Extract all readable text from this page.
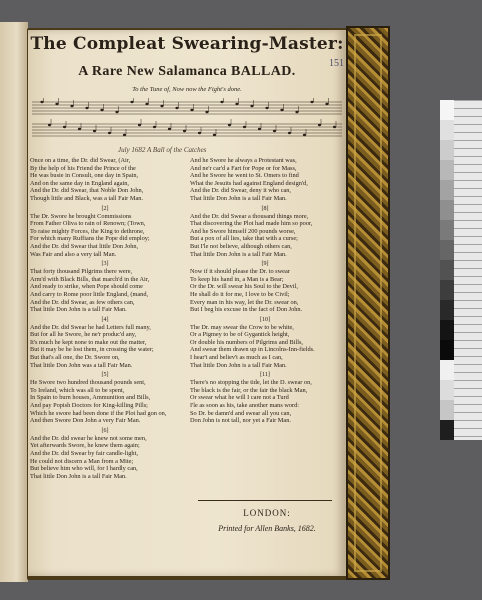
The Compleat Swearing-Master:
151
A Rare New Salamanca BALLAD.
To the Tune of, Now now the Fight's done.
July 1682 A Ball of the Catches
Once on a time, the Dr. did Swear, (Air,
By the help of his Friend the Prince of the
He was busie in Consult, one day in Spain,
And on the same day in England again,
And the Dr. did Swear, that Noble Don John,
Though little and Black, was a tall Fair Man.
[2]
The Dr. Swore he brought Commissions
From Father Oliva to rain of Renown; (Town,
To raise mighty Forces, the King to dethrone,
For which many Ruffians the Pope did employ;
And the Dr. did Swear that little Don John,
Was Fair and also a very tall Man.
[3]
That forty thousand Pilgrims there were,
Arm'd with Black Bills, that march'd in the Air,
And ready to strike, when Pope should come
And carry to Rome poor little England, (mand,
And the Dr. did Swear, as few others can,
That little Don John is a tall Fair Man.
[4]
And the Dr. did Swear he had Letters full many,
But for all he Swore, he ne'r produc'd any,
It's much he kept none to make out the matter,
But it may be he lost them, in crossing the water;
But that's all one, the Dr. Swore on,
That little Don John was a tall Fair Man.
[5]
He Swore two hundred thousand pounds sent,
To Ireland, which was all to be spent,
In Spain to burn houses, Ammunition and Bills,
And pay Popish Doctors for King-killing Pills;
Which he swore had been done if the Plot had gon on,
And then Swore Don John a very Fair Man.
[6]
And the Dr. did swear he knew not some men,
Yet afterwards Swore, he knew them again;
And the Dr. did Swear by fair candle-light,
He could not discern a Man from a Mite;
But believe him who will, for I hardly can,
That little Don John is a tall Fair Man.
And he Swore he always a Protestant was,
And ne'r car'd a Fart for Pope or for Mass,
And he Swore he went to St. Omers to find
What the Jesuits had against England design'd,
And the Dr. did Swear, deny it who can,
That little Don John is a tall Fair Man.
[8]
And the Dr. did Swear a thousand things more,
That discovering the Plot had made him so poor,
And he Swore himself 200 pounds worse,
But a pox of all lies, take that with a curse;
But I'le not believe, although others can,
That little Don John is a tall Fair Man.
[9]
Now if it should please the Dr. to swear
To keep his hand in, a Man is a Bear;
Or the Dr. will swear his Soul to the Devil,
He shall do it for me, I love to be Civil;
Every man in his way, let the Dr. swear on,
But I beg his excuse in the fact of Don John.
[10]
The Dr. may swear the Crow to be white,
Or a Pigmey to be of Gygantick height,
Or double his numbers of Pilgrims and Bills,
And swear them drawn up in Lincolns-Inn-fields.
I hear't and believ't as much as I can,
That little Don John is a tall Fair Man.
[11]
There's no stopping the tide, let the D. swear on,
The black is the fair, or the fair the black Man,
Or swear what he will I care not a Turd
I'le as soon as his, take another mans word:
So Dr. be damn'd and swear all you can,
Don John is not tall, nor yet a Fair Man.
LONDON:
Printed for Allen Banks, 1682.
